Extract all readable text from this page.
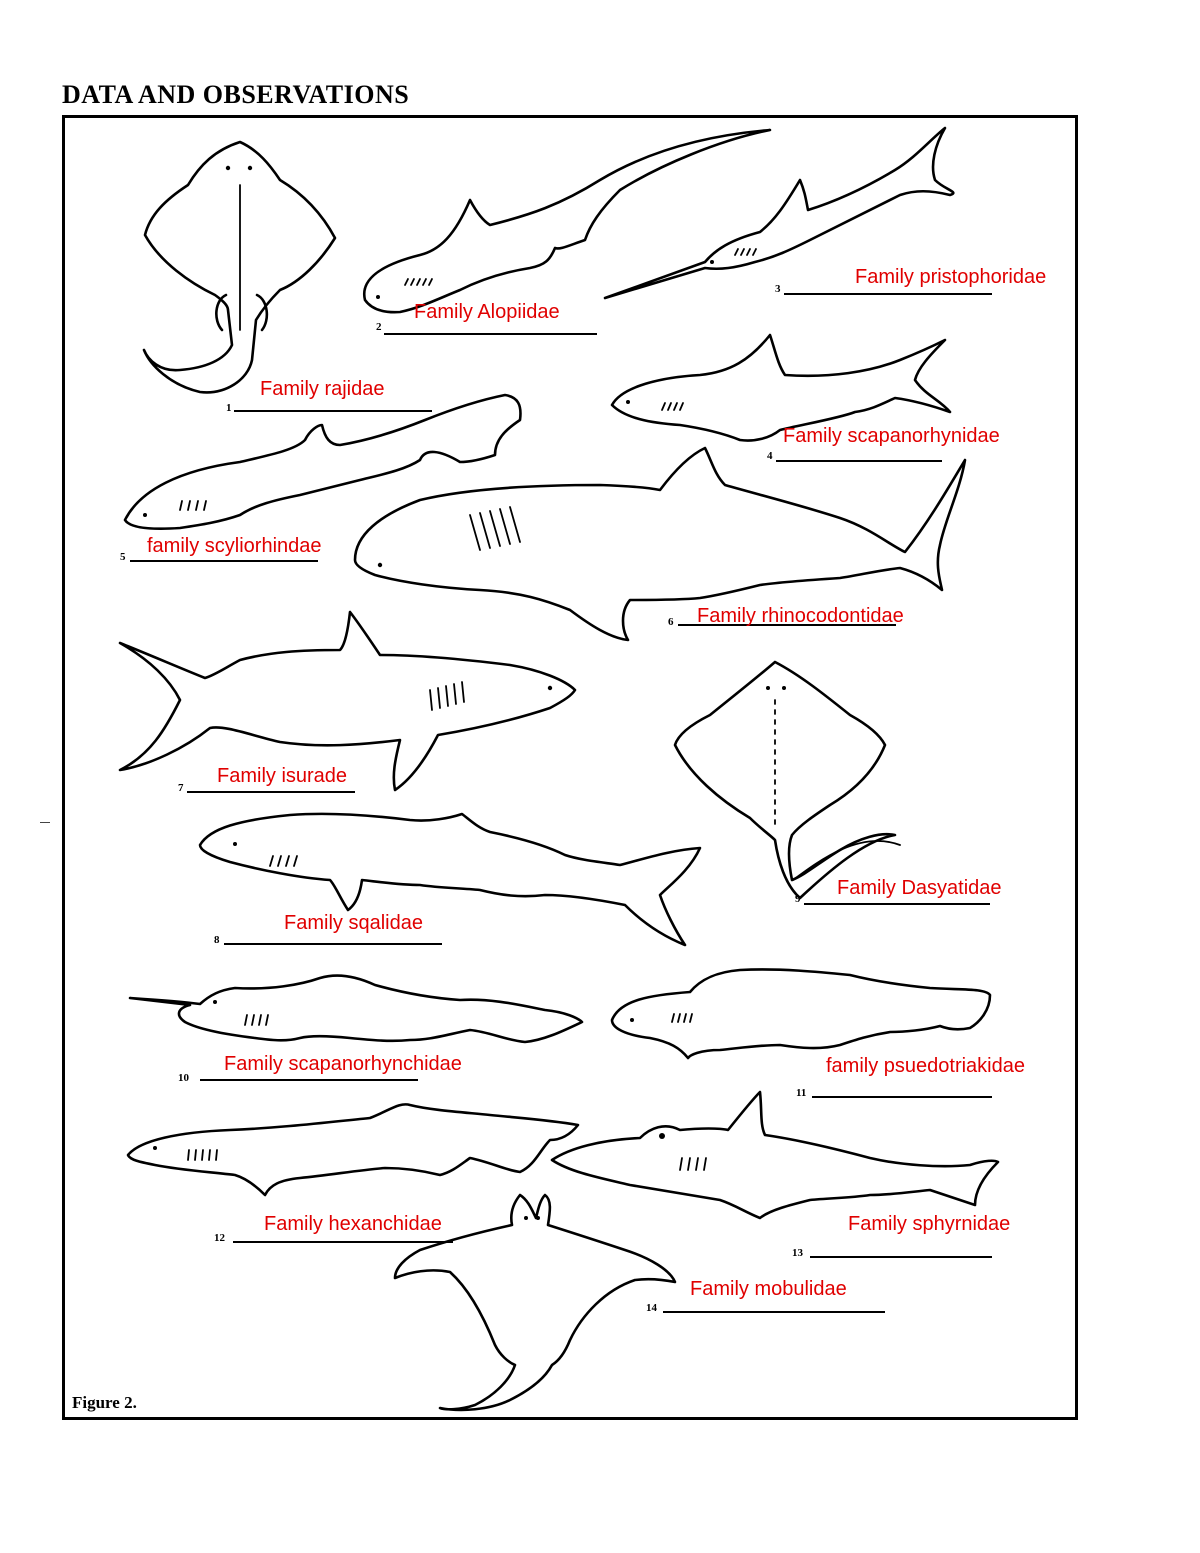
DATA AND OBSERVATIONS
1
Family rajidae
2
Family Alopiidae
3
Family pristophoridae
4
Family scapanorhynidae
5 family scyliorhindae
6 Family rhinocodontidae
7
Family isurade
8
Family sqalidae
9 Family Dasyatidae
10
Family scapanorhynchidae
11
family psuedotriakidae
12
Family hexanchidae
13
Family sphyrnidae
14
Family mobulidae
Figure 2.
